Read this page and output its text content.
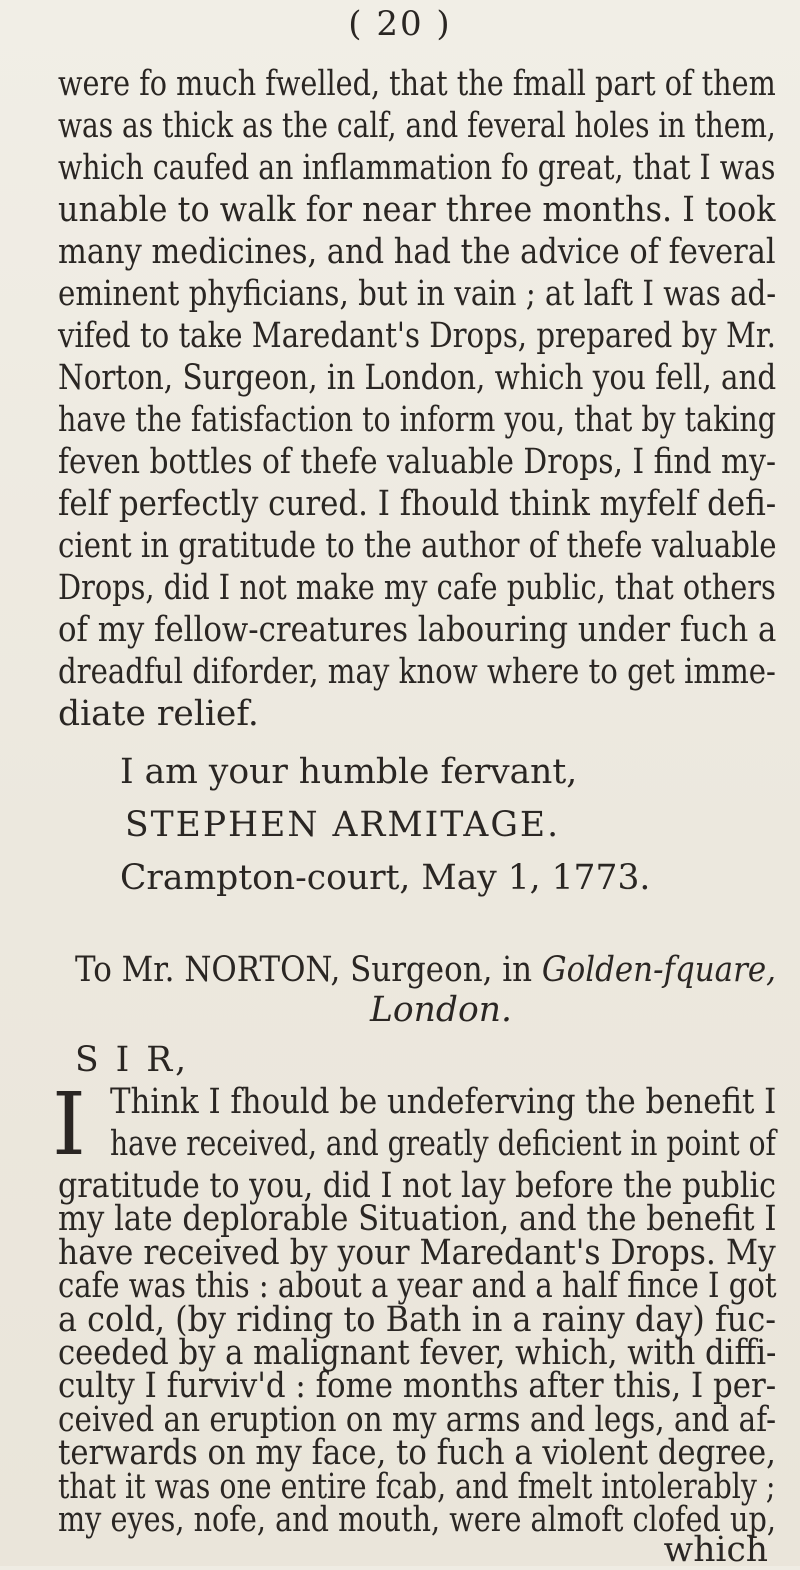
( 20 )
were fo much fwelled, that the fmall part of them
was as thick as the calf, and feveral holes in them,
which caufed an inflammation fo great, that I was
unable to walk for near three months. I took
many medicines, and had the advice of feveral
eminent phyficians, but in vain ; at laft I was ad-
vifed to take Maredant's Drops, prepared by Mr.
Norton, Surgeon, in London, which you fell, and
have the fatisfaction to inform you, that by taking
feven bottles of thefe valuable Drops, I find my-
felf perfectly cured. I fhould think myfelf defi-
cient in gratitude to the author of thefe valuable
Drops, did I not make my cafe public, that others
of my fellow-creatures labouring under fuch a
dreadful diforder, may know where to get imme-
diate relief.
I am your humble fervant,
STEPHEN ARMITAGE.
Crampton-court, May 1, 1773.
To Mr. NORTON, Surgeon, in Golden-fquare,
London.
S I R,
I Think I fhould be undeferving the benefit I
have received, and greatly deficient in point of
gratitude to you, did I not lay before the public
my late deplorable Situation, and the benefit I
have received by your Maredant's Drops. My
cafe was this : about a year and a half fince I got
a cold, (by riding to Bath in a rainy day) fuc-
ceeded by a malignant fever, which, with diffi-
culty I furviv'd : fome months after this, I per-
ceived an eruption on my arms and legs, and af-
terwards on my face, to fuch a violent degree,
that it was one entire fcab, and fmelt intolerably ;
my eyes, nofe, and mouth, were almoft clofed up,
which
